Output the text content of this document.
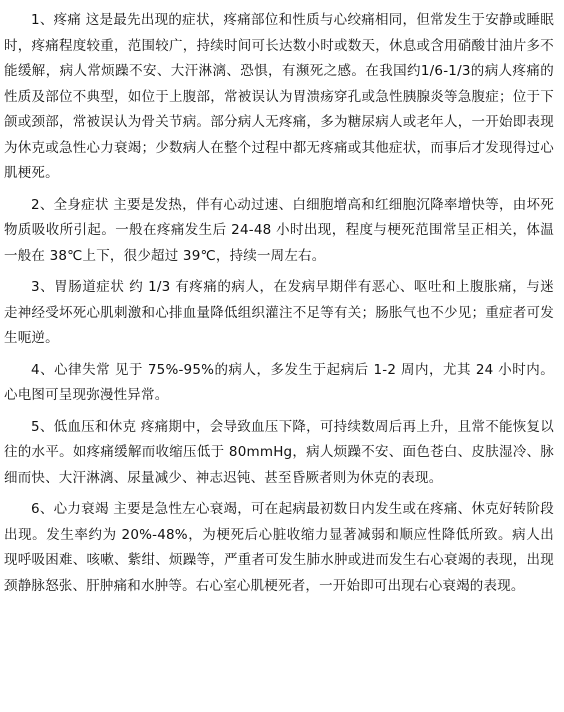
1、疼痛 这是最先出现的症状，疼痛部位和性质与心绞痛相同，但常发生于安静或睡眠时，疼痛程度较重，范围较广，持续时间可长达数小时或数天，休息或含用硝酸甘油片多不能缓解，病人常烦躁不安、大汗淋漓、恐惧，有濒死之感。在我国约1/6-1/3的病人疼痛的性质及部位不典型，如位于上腹部，常被误认为胃溃疡穿孔或急性胰腺炎等急腹症；位于下颌或颈部，常被误认为骨关节病。部分病人无疼痛，多为糖尿病人或老年人，一开始即表现为休克或急性心力衰竭；少数病人在整个过程中都无疼痛或其他症状，而事后才发现得过心肌梗死。

2、全身症状 主要是发热，伴有心动过速、白细胞增高和红细胞沉降率增快等，由坏死物质吸收所引起。一般在疼痛发生后 24-48 小时出现，程度与梗死范围常呈正相关，体温一般在 38℃上下，很少超过 39℃，持续一周左右。

3、胃肠道症状 约 1/3 有疼痛的病人，在发病早期伴有恶心、呕吐和上腹胀痛，与迷走神经受坏死心肌刺激和心排血量降低组织灌注不足等有关；肠胀气也不少见；重症者可发生呃逆。

4、心律失常 见于 75%-95%的病人，多发生于起病后 1-2 周内，尤其 24 小时内。心电图可呈现弥漫性异常。

5、低血压和休克 疼痛期中，会导致血压下降，可持续数周后再上升，且常不能恢复以往的水平。如疼痛缓解而收缩压低于 80mmHg，病人烦躁不安、面色苍白、皮肤湿冷、脉细而快、大汗淋漓、尿量减少、神志迟钝、甚至昏厥者则为休克的表现。

6、心力衰竭 主要是急性左心衰竭，可在起病最初数日内发生或在疼痛、休克好转阶段出现。发生率约为 20%-48%，为梗死后心脏收缩力显著减弱和顺应性降低所致。病人出现呼吸困难、咳嗽、紫绀、烦躁等，严重者可发生肺水肿或进而发生右心衰竭的表现，出现颈静脉怒张、肝肿痛和水肿等。右心室心肌梗死者，一开始即可出现右心衰竭的表现。
